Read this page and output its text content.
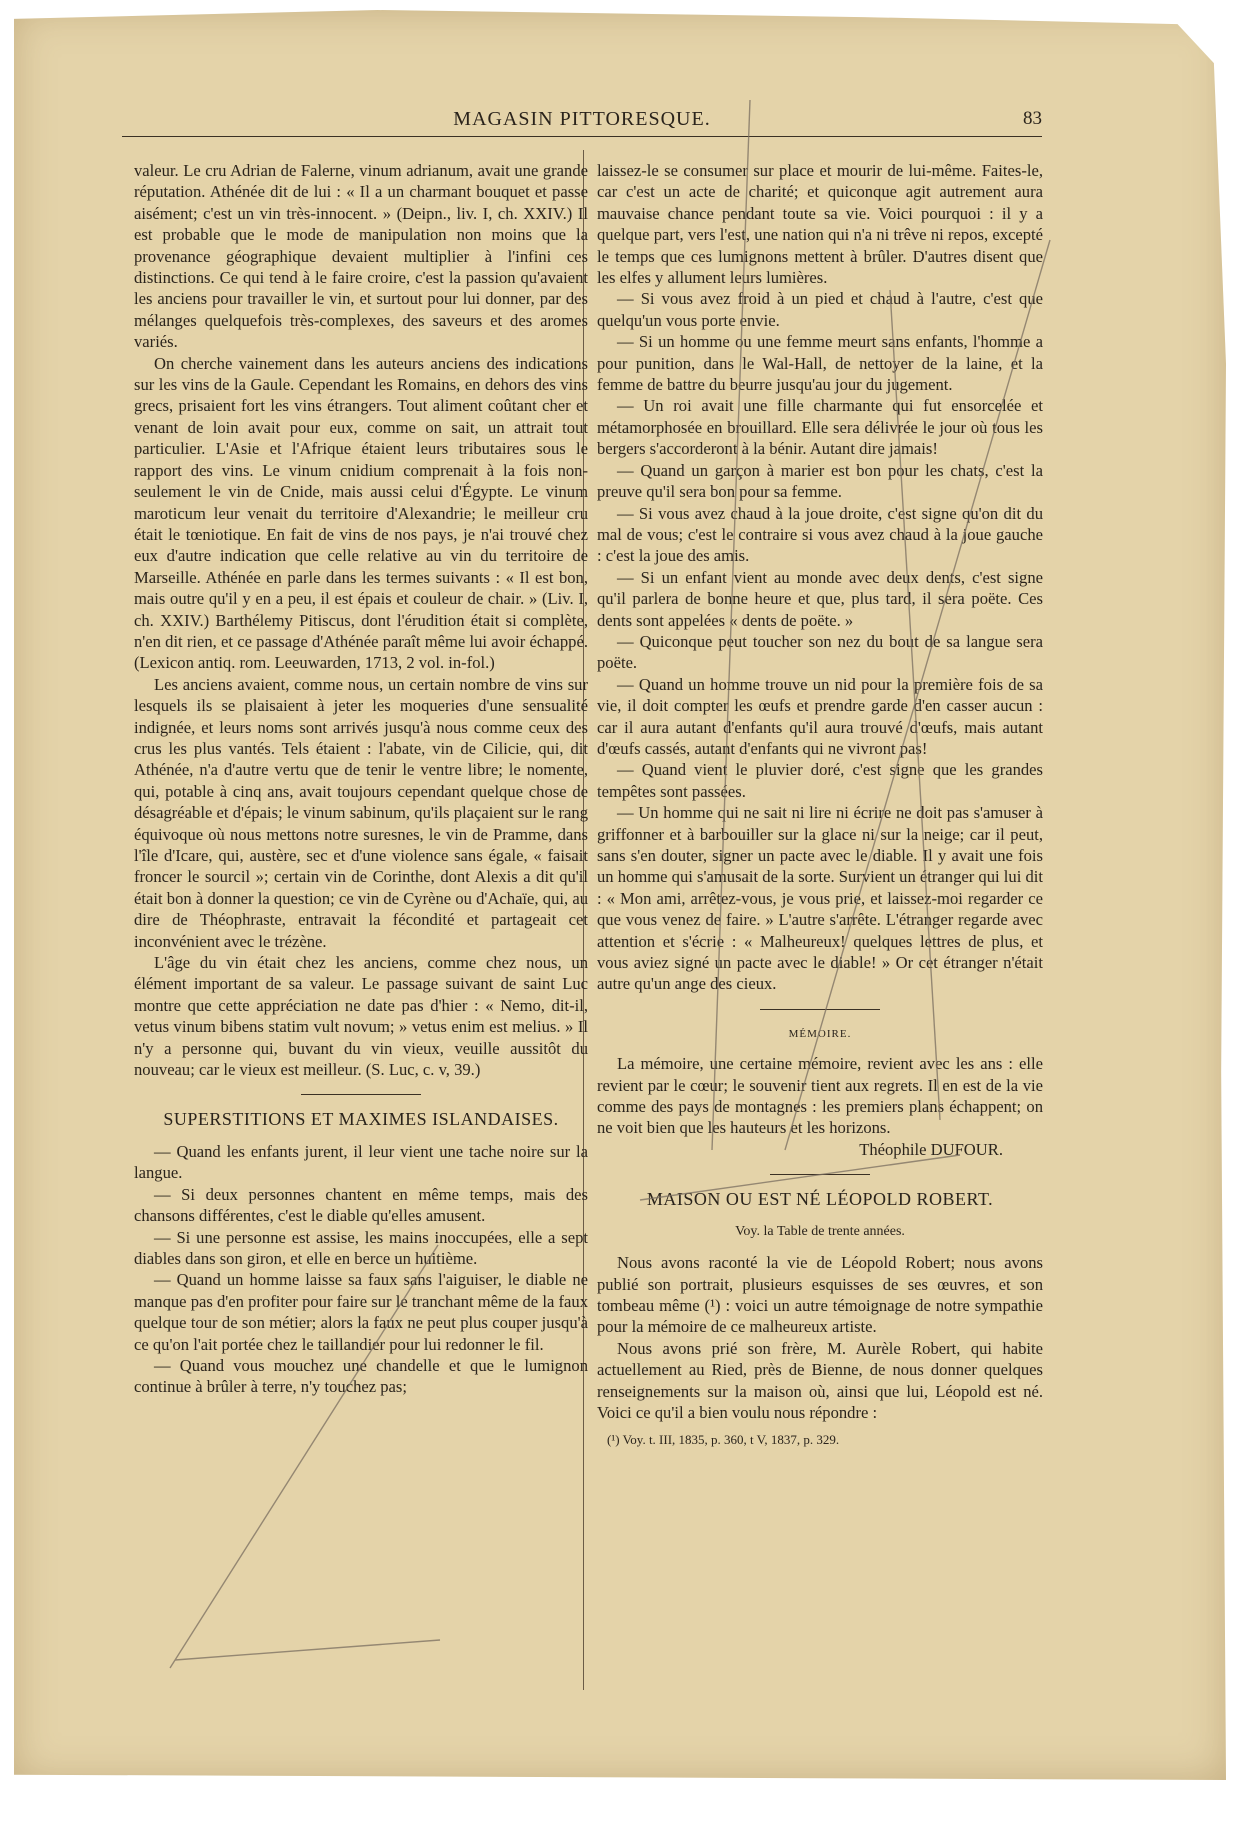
MAGASIN PITTORESQUE.	83

valeur. Le cru Adrian de Falerne, vinum adrianum, avait une grande réputation. Athénée dit de lui : « Il a un charmant bouquet et passe aisément; c'est un vin très-innocent. » (Deipn., liv. I, ch. XXIV.) Il est probable que le mode de manipulation non moins que la provenance géographique devaient multiplier à l'infini ces distinctions. Ce qui tend à le faire croire, c'est la passion qu'avaient les anciens pour travailler le vin, et surtout pour lui donner, par des mélanges quelquefois très-complexes, des saveurs et des aromes variés.

On cherche vainement dans les auteurs anciens des indications sur les vins de la Gaule. Cependant les Romains, en dehors des vins grecs, prisaient fort les vins étrangers. Tout aliment coûtant cher et venant de loin avait pour eux, comme on sait, un attrait tout particulier. L'Asie et l'Afrique étaient leurs tributaires sous le rapport des vins. Le vinum cnidium comprenait à la fois non-seulement le vin de Cnide, mais aussi celui d'Égypte. Le vinum maroticum leur venait du territoire d'Alexandrie; le meilleur cru était le tœniotique. En fait de vins de nos pays, je n'ai trouvé chez eux d'autre indication que celle relative au vin du territoire de Marseille. Athénée en parle dans les termes suivants : « Il est bon, mais outre qu'il y en a peu, il est épais et couleur de chair. » (Liv. I, ch. XXIV.) Barthélemy Pitiscus, dont l'érudition était si complète, n'en dit rien, et ce passage d'Athénée paraît même lui avoir échappé. (Lexicon antiq. rom. Leeuwarden, 1713, 2 vol. in-fol.)

Les anciens avaient, comme nous, un certain nombre de vins sur lesquels ils se plaisaient à jeter les moqueries d'une sensualité indignée, et leurs noms sont arrivés jusqu'à nous comme ceux des crus les plus vantés. Tels étaient : l'abate, vin de Cilicie, qui, dit Athénée, n'a d'autre vertu que de tenir le ventre libre; le nomente, qui, potable à cinq ans, avait toujours cependant quelque chose de désagréable et d'épais; le vinum sabinum, qu'ils plaçaient sur le rang équivoque où nous mettons notre suresnes, le vin de Pramme, dans l'île d'Icare, qui, austère, sec et d'une violence sans égale, « faisait froncer le sourcil »; certain vin de Corinthe, dont Alexis a dit qu'il était bon à donner la question; ce vin de Cyrène ou d'Achaïe, qui, au dire de Théophraste, entravait la fécondité et partageait cet inconvénient avec le trézène.

L'âge du vin était chez les anciens, comme chez nous, un élément important de sa valeur. Le passage suivant de saint Luc montre que cette appréciation ne date pas d'hier : « Nemo, dit-il, vetus vinum bibens statim vult novum; » vetus enim est melius. » Il n'y a personne qui, buvant du vin vieux, veuille aussitôt du nouveau; car le vieux est meilleur. (S. Luc, c. v, 39.)

SUPERSTITIONS ET MAXIMES ISLANDAISES.

— Quand les enfants jurent, il leur vient une tache noire sur la langue.

— Si deux personnes chantent en même temps, mais des chansons différentes, c'est le diable qu'elles amusent.

— Si une personne est assise, les mains inoccupées, elle a sept diables dans son giron, et elle en berce un huitième.

— Quand un homme laisse sa faux sans l'aiguiser, le diable ne manque pas d'en profiter pour faire sur le tranchant même de la faux quelque tour de son métier; alors la faux ne peut plus couper jusqu'à ce qu'on l'ait portée chez le taillandier pour lui redonner le fil.

— Quand vous mouchez une chandelle et que le lumignon continue à brûler à terre, n'y touchez pas;

laissez-le se consumer sur place et mourir de lui-même. Faites-le, car c'est un acte de charité; et quiconque agit autrement aura mauvaise chance pendant toute sa vie. Voici pourquoi : il y a quelque part, vers l'est, une nation qui n'a ni trêve ni repos, excepté le temps que ces lumignons mettent à brûler. D'autres disent que les elfes y allument leurs lumières.

— Si vous avez froid à un pied et chaud à l'autre, c'est que quelqu'un vous porte envie.

— Si un homme ou une femme meurt sans enfants, l'homme a pour punition, dans le Wal-Hall, de nettoyer de la laine, et la femme de battre du beurre jusqu'au jour du jugement.

— Un roi avait une fille charmante qui fut ensorcelée et métamorphosée en brouillard. Elle sera délivrée le jour où tous les bergers s'accorderont à la bénir. Autant dire jamais!

— Quand un garçon à marier est bon pour les chats, c'est la preuve qu'il sera bon pour sa femme.

— Si vous avez chaud à la joue droite, c'est signe qu'on dit du mal de vous; c'est le contraire si vous avez chaud à la joue gauche : c'est la joue des amis.

— Si un enfant vient au monde avec deux dents, c'est signe qu'il parlera de bonne heure et que, plus tard, il sera poëte. Ces dents sont appelées « dents de poëte. »

— Quiconque peut toucher son nez du bout de sa langue sera poëte.

— Quand un homme trouve un nid pour la première fois de sa vie, il doit compter les œufs et prendre garde d'en casser aucun : car il aura autant d'enfants qu'il aura trouvé d'œufs, mais autant d'œufs cassés, autant d'enfants qui ne vivront pas!

— Quand vient le pluvier doré, c'est signe que les grandes tempêtes sont passées.

— Un homme qui ne sait ni lire ni écrire ne doit pas s'amuser à griffonner et à barbouiller sur la glace ni sur la neige; car il peut, sans s'en douter, signer un pacte avec le diable. Il y avait une fois un homme qui s'amusait de la sorte. Survient un étranger qui lui dit : « Mon ami, arrêtez-vous, je vous prie, et laissez-moi regarder ce que vous venez de faire. » L'autre s'arrête. L'étranger regarde avec attention et s'écrie : « Malheureux! quelques lettres de plus, et vous aviez signé un pacte avec le diable! » Or cet étranger n'était autre qu'un ange des cieux.

MÉMOIRE.

La mémoire, une certaine mémoire, revient avec les ans : elle revient par le cœur; le souvenir tient aux regrets. Il en est de la vie comme des pays de montagnes : les premiers plans échappent; on ne voit bien que les hauteurs et les horizons.

Théophile DUFOUR.

MAISON OU EST NÉ LÉOPOLD ROBERT.
Voy. la Table de trente années.

Nous avons raconté la vie de Léopold Robert; nous avons publié son portrait, plusieurs esquisses de ses œuvres, et son tombeau même (¹) : voici un autre témoignage de notre sympathie pour la mémoire de ce malheureux artiste.

Nous avons prié son frère, M. Aurèle Robert, qui habite actuellement au Ried, près de Bienne, de nous donner quelques renseignements sur la maison où, ainsi que lui, Léopold est né. Voici ce qu'il a bien voulu nous répondre :

(¹) Voy. t. III, 1835, p. 360, t V, 1837, p. 329.
